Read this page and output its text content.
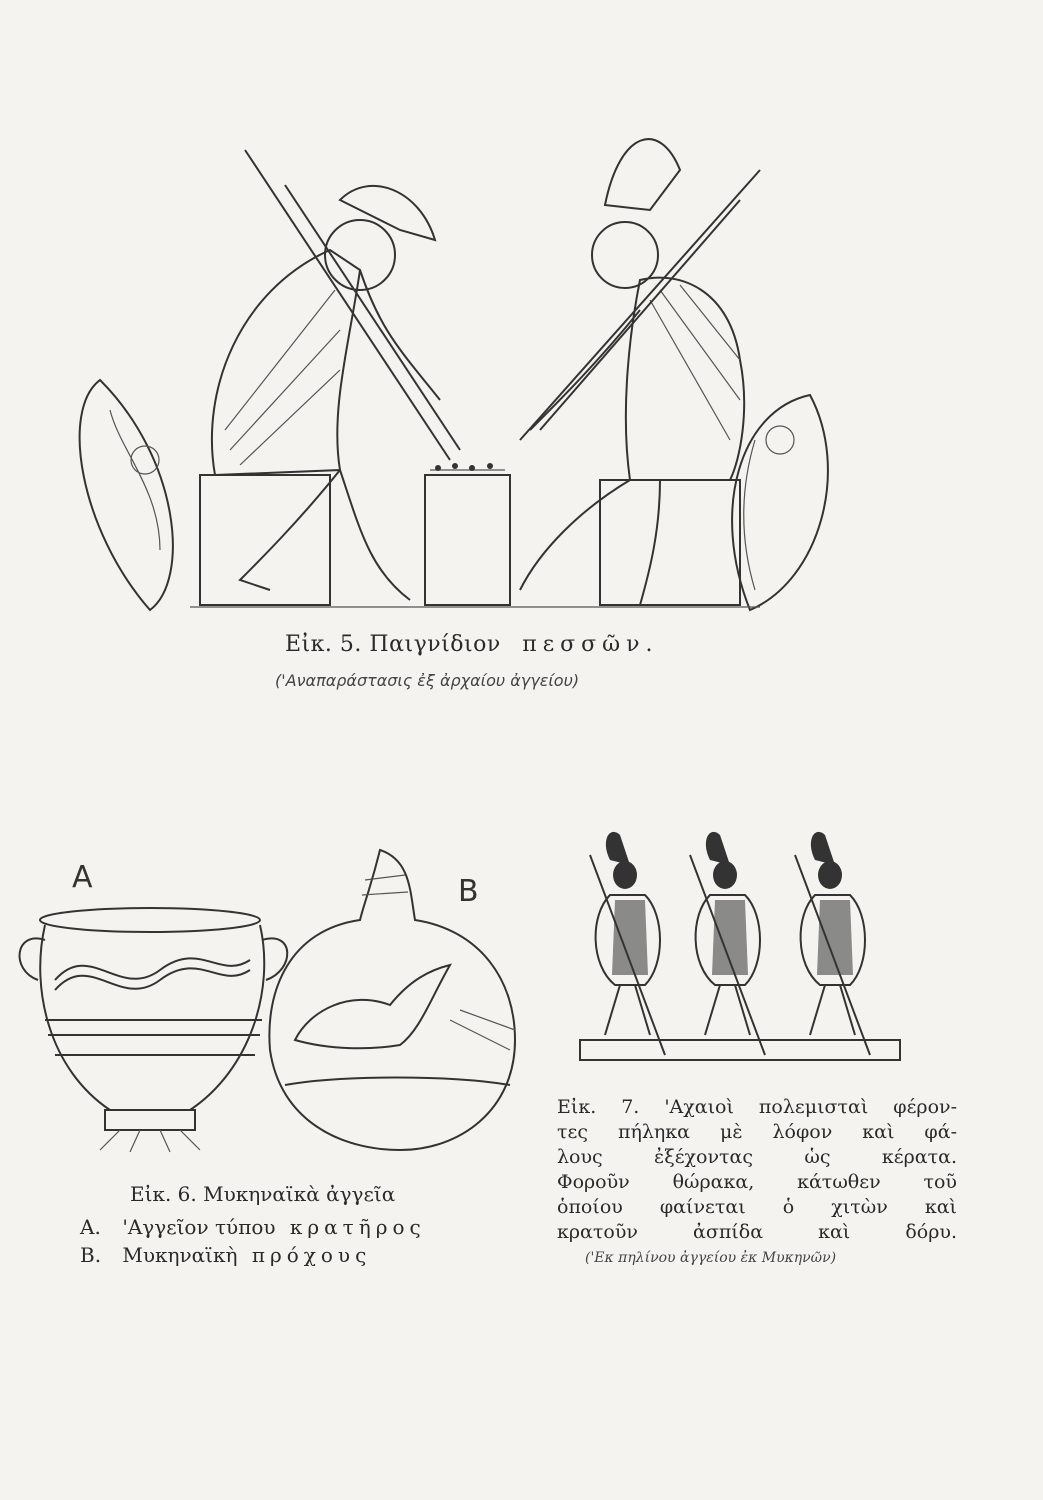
Εἰκ. 5. Παιγνίδιον πεσσῶν.
('Αναπαράστασις ἐξ ἀρχαίου ἀγγείου)
A	B
Εἰκ. 6. Μυκηναϊκὰ ἀγγεῖα
A. 'Αγγεῖον τύπου κρατῆρος
B. Μυκηναϊκὴ πρόχους
Εἰκ. 7. 'Αχαιοὶ πολεμισταὶ φέρον-
τες πήληκα μὲ λόφον καὶ φά-
λους ἐξέχοντας ὡς κέρατα.
Φοροῦν θώρακα, κάτωθεν τοῦ
ὁποίου φαίνεται ὁ χιτὼν καὶ
κρατοῦν ἀσπίδα καὶ δόρυ.
('Εκ πηλίνου ἀγγείου ἐκ Μυκηνῶν)
